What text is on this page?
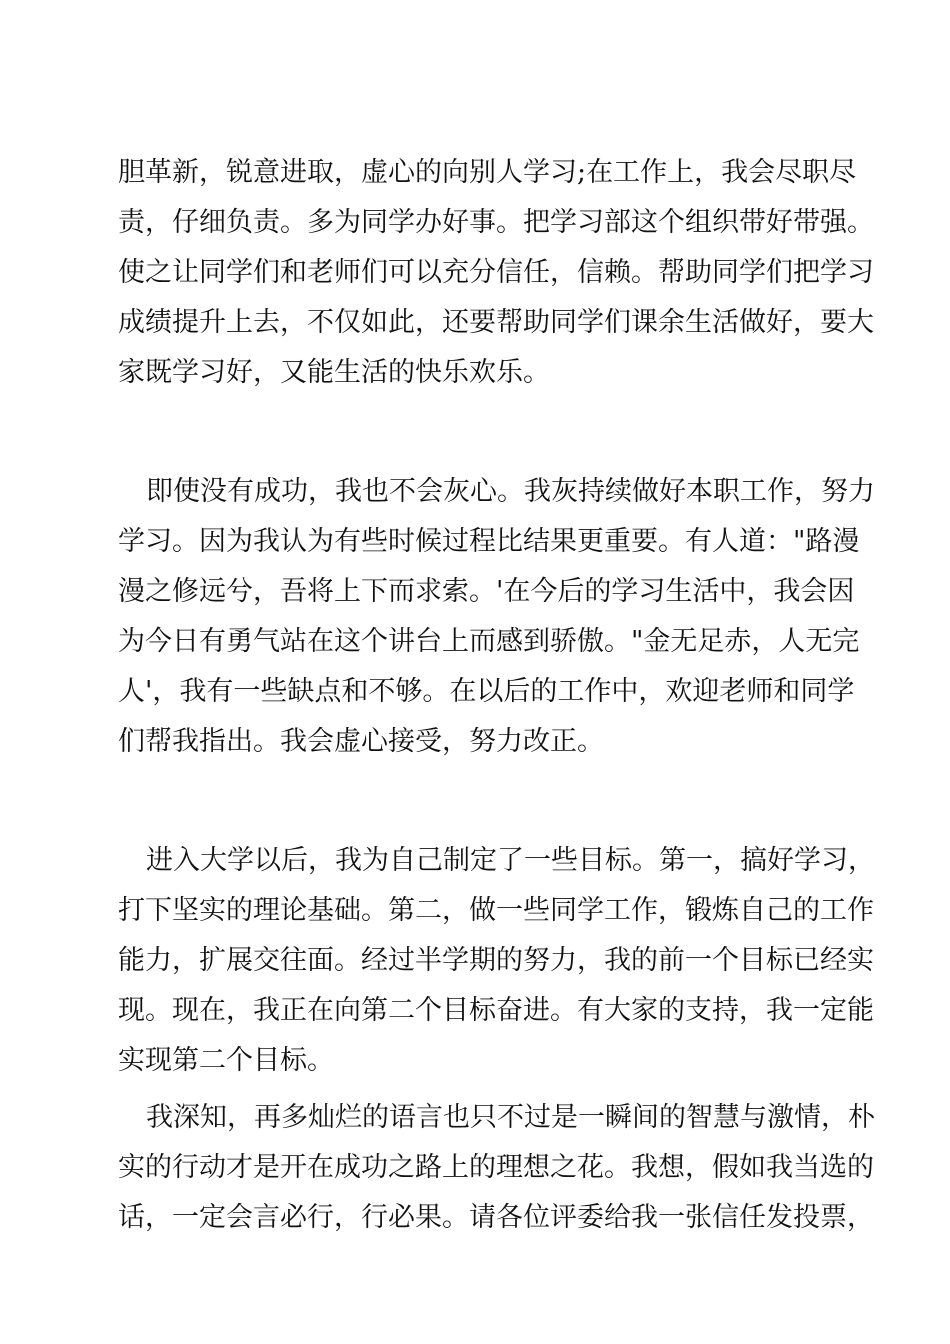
胆革新，锐意进取，虚心的向别人学习;在工作上，我会尽职尽
责，仔细负责。多为同学办好事。把学习部这个组织带好带强。
使之让同学们和老师们可以充分信任，信赖。帮助同学们把学习
成绩提升上去，不仅如此，还要帮助同学们课余生活做好，要大
家既学习好，又能生活的快乐欢乐。
即使没有成功，我也不会灰心。我灰持续做好本职工作，努力
学习。因为我认为有些时候过程比结果更重要。有人道："路漫
漫之修远兮，吾将上下而求索。'在今后的学习生活中，我会因
为今日有勇气站在这个讲台上而感到骄傲。"金无足赤，人无完
人'，我有一些缺点和不够。在以后的工作中，欢迎老师和同学
们帮我指出。我会虚心接受，努力改正。
进入大学以后，我为自己制定了一些目标。第一，搞好学习，
打下坚实的理论基础。第二，做一些同学工作，锻炼自己的工作
能力，扩展交往面。经过半学期的努力，我的前一个目标已经实
现。现在，我正在向第二个目标奋进。有大家的支持，我一定能
实现第二个目标。
我深知，再多灿烂的语言也只不过是一瞬间的智慧与激情，朴
实的行动才是开在成功之路上的理想之花。我想，假如我当选的
话，一定会言必行，行必果。请各位评委给我一张信任发投票，
